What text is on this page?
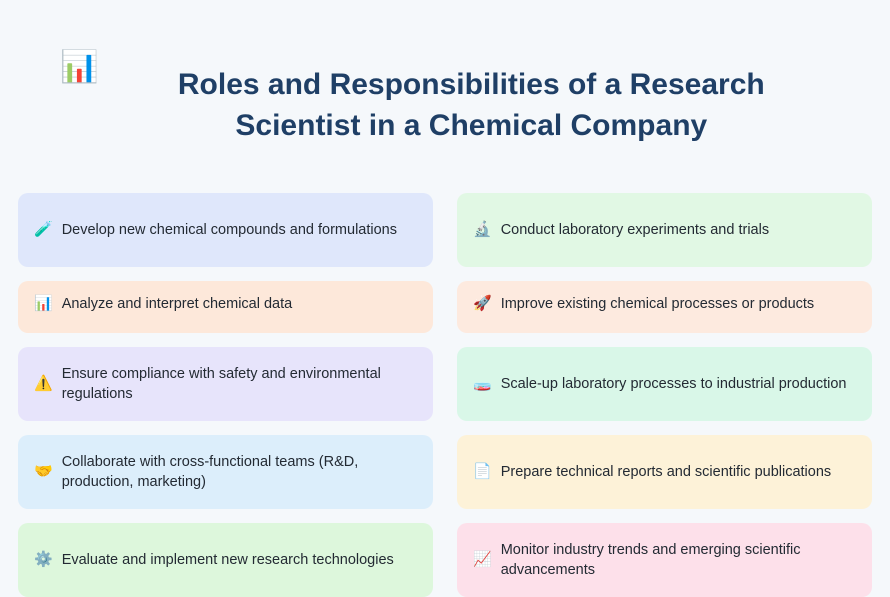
📊
Roles and Responsibilities of a Research Scientist in a Chemical Company
🧪 Develop new chemical compounds and formulations
📊 Analyze and interpret chemical data
⚠️
Ensure compliance with safety and environmental regulations
🤝
Collaborate with cross-functional teams (R&D, production, marketing)
⚙️ Evaluate and implement new research technologies
🔬 Conduct laboratory experiments and trials
🚀 Improve existing chemical processes or products
🧫 Scale-up laboratory processes to industrial production
📄 Prepare technical reports and scientific publications
📈
Monitor industry trends and emerging scientific advancements
